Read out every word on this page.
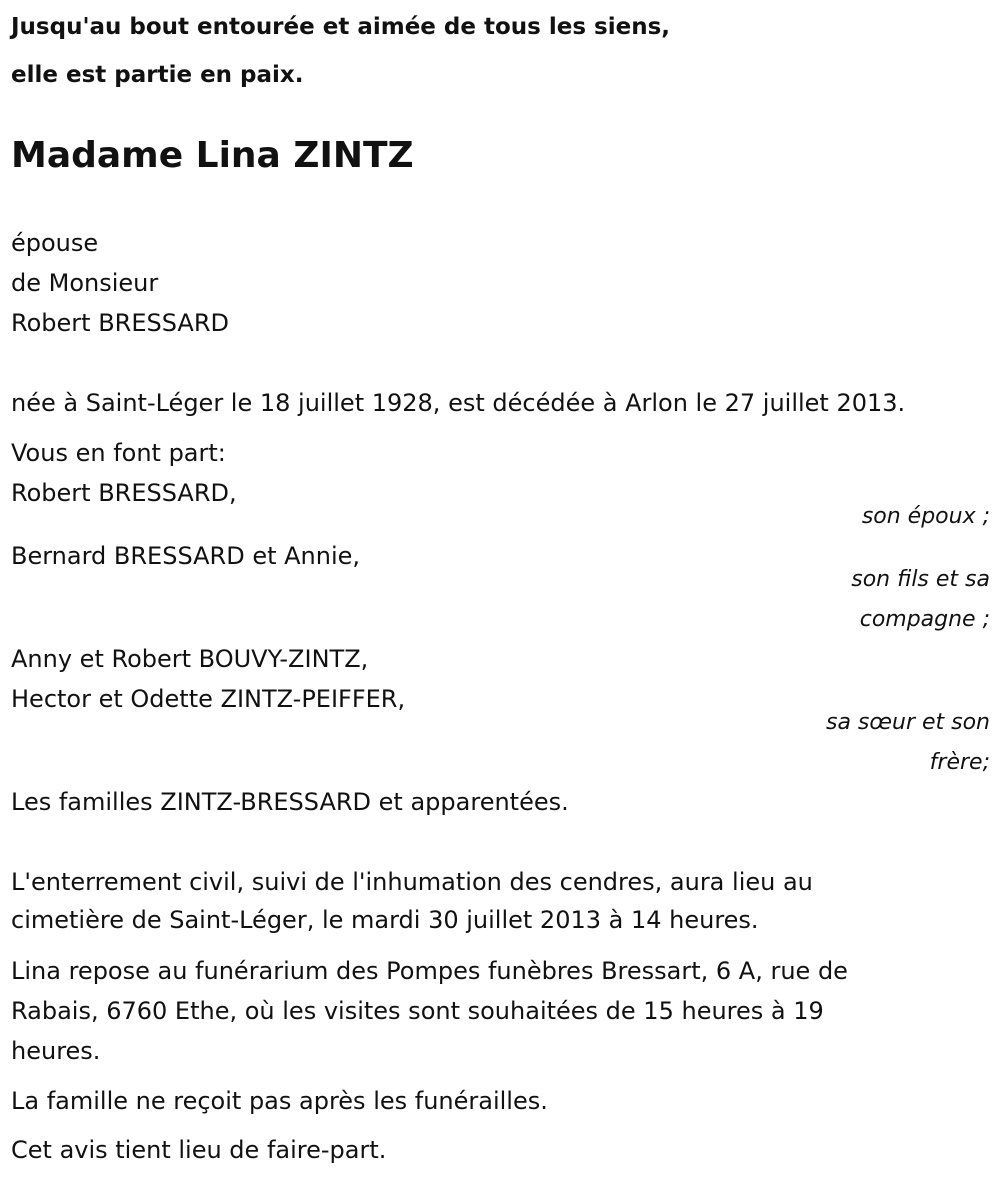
Jusqu'au bout entourée et aimée de tous les siens,
elle est partie en paix.
Madame Lina ZINTZ
épouse
de Monsieur
Robert BRESSARD
née à Saint-Léger le 18 juillet 1928, est décédée à Arlon le 27 juillet 2013.
Vous en font part:
Robert BRESSARD,
son époux ;
Bernard BRESSARD et Annie,
son fils et sa
compagne ;
Anny et Robert BOUVY-ZINTZ,
Hector et Odette ZINTZ-PEIFFER,
sa sœur et son
frère;
Les familles ZINTZ-BRESSARD et apparentées.
L'enterrement civil, suivi de l'inhumation des cendres, aura lieu au
cimetière de Saint-Léger, le mardi 30 juillet 2013 à 14 heures.
Lina repose au funérarium des Pompes funèbres Bressart, 6 A, rue de
Rabais, 6760 Ethe, où les visites sont souhaitées de 15 heures à 19
heures.
La famille ne reçoit pas après les funérailles.
Cet avis tient lieu de faire-part.
